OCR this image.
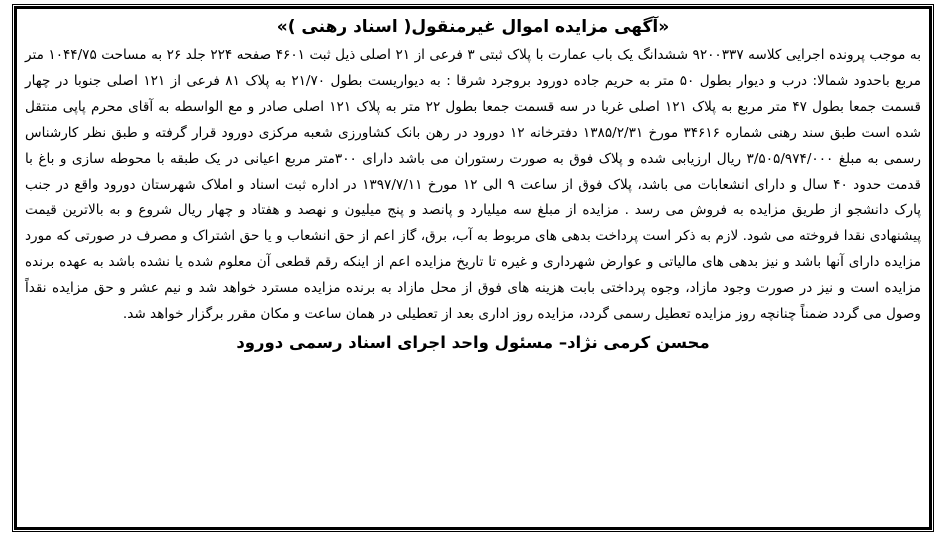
«آگهی مزایده اموال غیرمنقول( اسناد رهنی )»

به موجب پرونده اجرایی کلاسه ۹۲۰۰۳۳۷ ششدانگ یک باب عمارت با پلاک ثبتی ۳ فرعی از ۲۱ اصلی ذیل ثبت ۴۶۰۱ صفحه ۲۲۴ جلد ۲۶ به مساحت ۱۰۴۴/۷۵ متر مربع باحدود شمالا: درب و دیوار بطول ۵۰ متر به حریم جاده دورود بروجرد شرقا : به دیواریست بطول ۲۱/۷۰ به پلاک ۸۱ فرعی از ۱۲۱ اصلی جنوبا در چهار قسمت جمعا بطول ۴۷ متر مربع به پلاک ۱۲۱ اصلی غربا در سه قسمت جمعا بطول ۲۲ متر به پلاک ۱۲۱ اصلی صادر و مع الواسطه به آقای محرم پاپی منتقل شده است طبق سند رهنی شماره ۳۴۶۱۶ مورخ ۱۳۸۵/۲/۳۱ دفترخانه ۱۲ دورود در رهن بانک کشاورزی شعبه مرکزی دورود قرار گرفته و طبق نظر کارشناس رسمی به مبلغ ۳/۵۰۵/۹۷۴/۰۰۰ ریال ارزیابی شده و پلاک فوق به صورت رستوران می باشد دارای ۳۰۰متر مربع اعیانی در یک طبقه با محوطه سازی و باغ با قدمت حدود ۴۰ سال و دارای انشعابات می باشد، پلاک فوق از ساعت ۹ الی ۱۲ مورخ ۱۳۹۷/۷/۱۱ در اداره ثبت اسناد و املاک شهرستان دورود واقع در جنب پارک دانشجو از طریق مزایده به فروش می رسد . مزایده از مبلغ سه میلیارد و پانصد و پنج میلیون و نهصد و هفتاد و چهار ریال شروع و به بالاترین قیمت پیشنهادی نقدا فروخته می شود. لازم به ذکر است پرداخت بدهی های مربوط به آب، برق، گاز اعم از حق انشعاب و یا حق اشتراک و مصرف در صورتی که مورد مزایده دارای آنها باشد و نیز بدهی های مالیاتی و عوارض شهرداری و غیره تا تاریخ مزایده اعم از اینکه رقم قطعی آن معلوم شده یا نشده باشد به عهده برنده مزایده است و نیز در صورت وجود مازاد، وجوه پرداختی بابت هزینه های فوق از محل مازاد به برنده مزایده مسترد خواهد شد و نیم عشر و حق مزایده نقداً وصول می گردد ضمناً چنانچه روز مزایده تعطیل رسمی گردد، مزایده روز اداری بعد از تعطیلی در همان ساعت و مکان مقرر برگزار خواهد شد.

محسن کرمی نژاد– مسئول واحد اجرای اسناد رسمی دورود
